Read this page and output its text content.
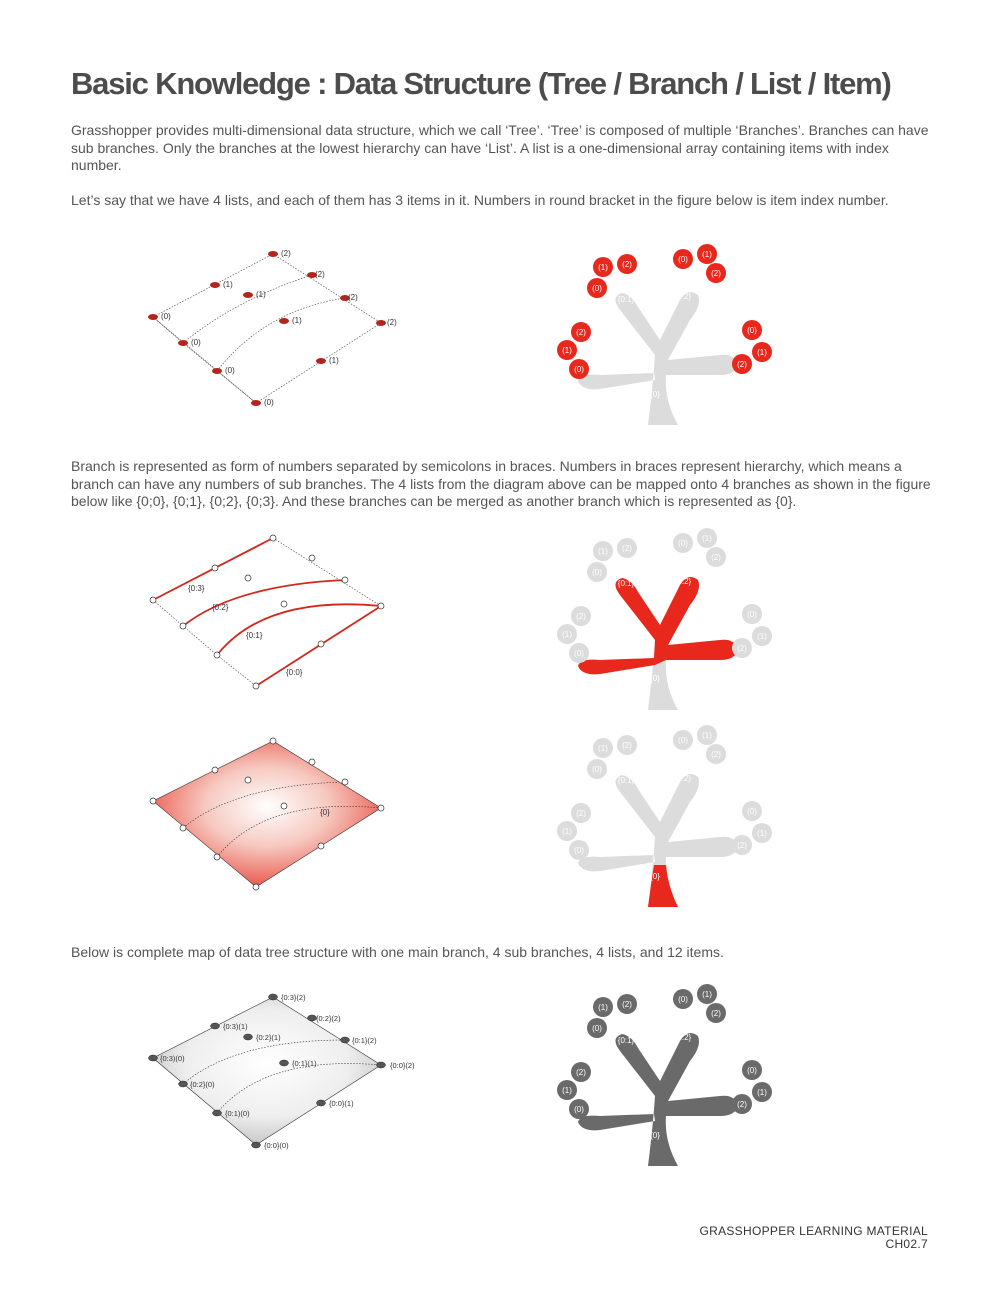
Basic Knowledge : Data Structure (Tree / Branch / List / Item)

Grasshopper provides multi-dimensional data structure, which we call ‘Tree’. ‘Tree’ is composed of multiple ‘Branches’. Branches can have sub branches. Only the branches at the lowest hierarchy can have ‘List’. A list is a one-dimensional array containing items with index number.

Let’s say that we have 4 lists, and each of them has 3 items in it. Numbers in round bracket in the figure below is item index number.

Branch is represented as form of numbers separated by semicolons in braces. Numbers in braces represent hierarchy, which means a branch can have any numbers of sub branches. The 4 lists from the diagram above can be mapped onto 4 branches as shown in the figure below like {0;0}, {0;1}, {0;2}, {0;3}. And these branches can be merged as another branch which is represented as {0}.

Below is complete map of data tree structure with one main branch, 4 sub branches, 4 lists, and 12 items.

(0)
(0)
(0)
(0)
(1)
(1)
(1)
(1)
(2)
(2)
(2)
(2)
(1) (2)
(0)
(0)
(1)
(2)
(2)
(1)
(0)
(0)
(1)
(2)
{0:1}	{0:2}
{0:0}
{0:3}
{0}
{0:3}
{0:2}
{0:1}
{0:0}
(1) (2)
(0)
(0)
(1)
(2)
(2)
(1)
(0)
(0)
(1)
(2)
{0:1}	{0:2}
{0:0}
{0:3}
{0}
{0}
(1) (2)
(0)
(0)
(1)
(2)
(2)
(1)
(0)
(0)
(1)
(2)
{0:1}	{0:2}
{0:0}
{0:3}
{0}
{0:3)(0)
{0:2}(0)
{0:1)(0)
{0:0}(0)
{0:3)(1)
{0:2}(1)
{0:1}(1)
{0:0}(1)
{0:3}(2)
{0:2}(2)
{0:1}(2)
{0:0}(2)
(1) (2)
(0)
(0)
(1)
(2)
(2)
(1)
(0)
(0)
(1)
(2)
{0:1}	{0:2}
{0:0}
{0:3}
{0}
GRASSHOPPER LEARNING MATERIAL
CH02.7
